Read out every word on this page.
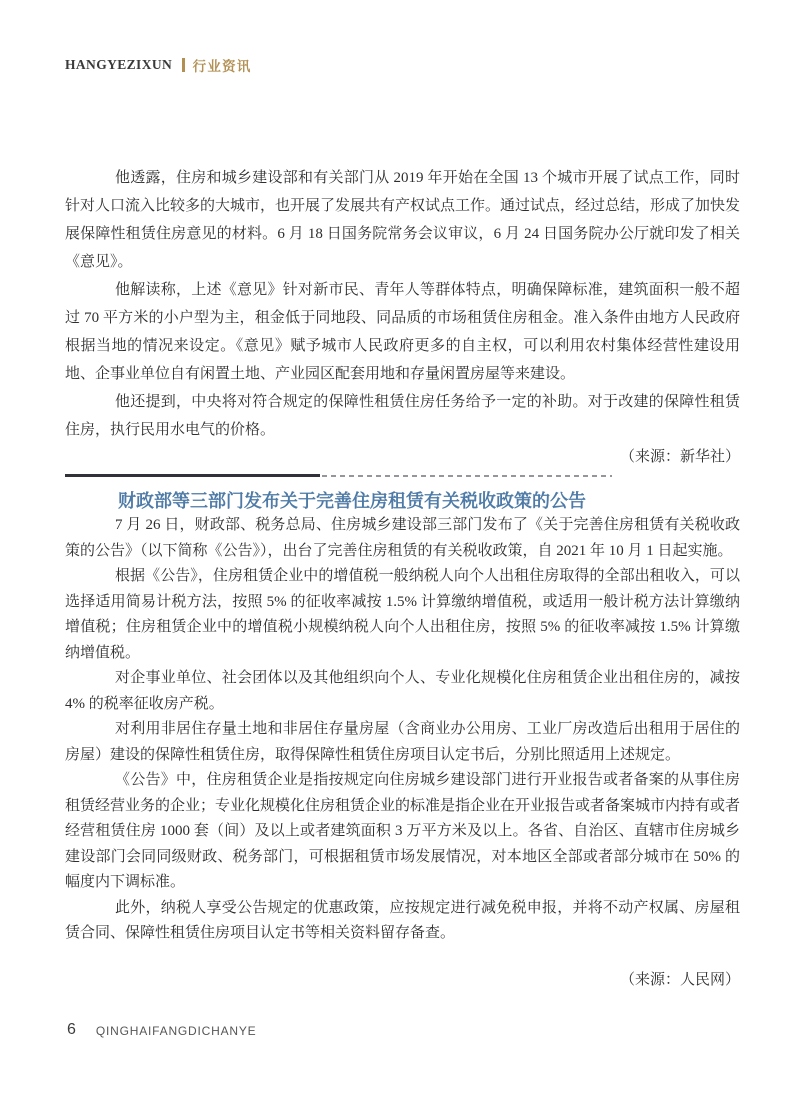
HANGYEZIXUN 行业资讯

他透露，住房和城乡建设部和有关部门从 2019 年开始在全国 13 个城市开展了试点工作，同时针对人口流入比较多的大城市，也开展了发展共有产权试点工作。通过试点，经过总结，形成了加快发展保障性租赁住房意见的材料。6 月 18 日国务院常务会议审议，6 月 24 日国务院办公厅就印发了相关《意见》。

他解读称，上述《意见》针对新市民、青年人等群体特点，明确保障标准，建筑面积一般不超过 70 平方米的小户型为主，租金低于同地段、同品质的市场租赁住房租金。准入条件由地方人民政府根据当地的情况来设定。《意见》赋予城市人民政府更多的自主权，可以利用农村集体经营性建设用地、企事业单位自有闲置土地、产业园区配套用地和存量闲置房屋等来建设。

他还提到，中央将对符合规定的保障性租赁住房任务给予一定的补助。对于改建的保障性租赁住房，执行民用水电气的价格。

（来源：新华社）
财政部等三部门发布关于完善住房租赁有关税收政策的公告

7 月 26 日，财政部、税务总局、住房城乡建设部三部门发布了《关于完善住房租赁有关税收政策的公告》（以下简称《公告》），出台了完善住房租赁的有关税收政策，自 2021 年 10 月 1 日起实施。

根据《公告》，住房租赁企业中的增值税一般纳税人向个人出租住房取得的全部出租收入，可以选择适用简易计税方法，按照 5% 的征收率减按 1.5% 计算缴纳增值税，或适用一般计税方法计算缴纳增值税；住房租赁企业中的增值税小规模纳税人向个人出租住房，按照 5% 的征收率减按 1.5% 计算缴纳增值税。

对企事业单位、社会团体以及其他组织向个人、专业化规模化住房租赁企业出租住房的，减按 4% 的税率征收房产税。

对利用非居住存量土地和非居住存量房屋（含商业办公用房、工业厂房改造后出租用于居住的房屋）建设的保障性租赁住房，取得保障性租赁住房项目认定书后，分别比照适用上述规定。

《公告》中，住房租赁企业是指按规定向住房城乡建设部门进行开业报告或者备案的从事住房租赁经营业务的企业；专业化规模化住房租赁企业的标准是指企业在开业报告或者备案城市内持有或者经营租赁住房 1000 套（间）及以上或者建筑面积 3 万平方米及以上。各省、自治区、直辖市住房城乡建设部门会同同级财政、税务部门，可根据租赁市场发展情况，对本地区全部或者部分城市在 50% 的幅度内下调标准。

此外，纳税人享受公告规定的优惠政策，应按规定进行减免税申报，并将不动产权属、房屋租赁合同、保障性租赁住房项目认定书等相关资料留存备查。

（来源：人民网）
6 QINGHAIFANGDICHANYE
